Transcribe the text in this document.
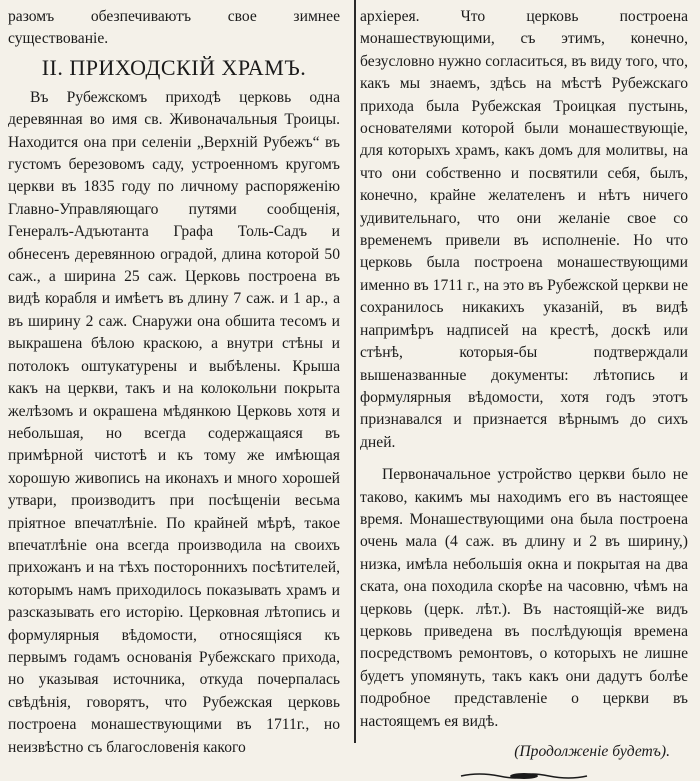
разомъ обезпечиваютъ свое зимнее существованіе.

II. ПРИХОДСКІЙ ХРАМЪ.

Въ Рубежскомъ приходѣ церковь одна деревянная во имя св. Живоначальныя Троицы. Находится она при селеніи „Верхній Рубежъ“ въ густомъ березовомъ саду, устроенномъ кругомъ церкви въ 1835 году по личному распоряженію Главно-Управляющаго путями сообщенія, Генералъ-Адъютанта Графа Толь-Садъ и обнесенъ деревянною оградой, длина которой 50 саж., а ширина 25 саж. Церковь построена въ видѣ корабля и имѣетъ въ длину 7 саж. и 1 ар., а въ ширину 2 саж. Снаружи она обшита тесомъ и выкрашена бѣлою краскою, а внутри стѣны и потолокъ оштукатурены и выбѣлены. Крыша какъ на церкви, такъ и на колокольни покрыта желѣзомъ и окрашена мѣдянкою Церковь хотя и небольшая, но всегда содержащаяся въ примѣрной чистотѣ и къ тому же имѣющая хорошую живопись на иконахъ и много хорошей утвари, производитъ при посѣщеніи весьма пріятное впечатлѣніе. По крайней мѣрѣ, такое впечатлѣніе она всегда производила на своихъ прихожанъ и на тѣхъ постороннихъ посѣтителей, которымъ намъ приходилось показывать храмъ и разсказывать его исторію. Церковная лѣтопись и формулярныя вѣдомости, относящіяся къ первымъ годамъ основанія Рубежскаго прихода, но указывая источника, откуда почерпалась свѣдѣнія, говорятъ, что Рубежская церковь построена монашествующими въ 1711г., но неизвѣстно съ благословенія какого

архіерея. Что церковь построена монашествующими, съ этимъ, конечно, безусловно нужно согласиться, въ виду того, что, какъ мы знаемъ, здѣсь на мѣстѣ Рубежскаго прихода была Рубежская Троицкая пустынь, основателями которой были монашествующіе, для которыхъ храмъ, какъ домъ для молитвы, на что они собственно и посвятили себя, былъ, конечно, крайне желателенъ и нѣтъ ничего удивительнаго, что они желаніе свое со временемъ привели въ исполненіе. Но что церковь была построена монашествующими именно въ 1711 г., на это въ Рубежской церкви не сохранилось никакихъ указаній, въ видѣ напримѣръ надписей на крестѣ, доскѣ или стѣнѣ, которыя-бы подтверждали вышеназванные документы: лѣтопись и формулярныя вѣдомости, хотя годъ этотъ признавался и признается вѣрнымъ до сихъ дней.

Первоначальное устройство церкви было не таково, какимъ мы находимъ его въ настоящее время. Монашествующими она была построена очень мала (4 саж. въ длину и 2 въ ширину,) низка, имѣла небольшія окна и покрытая на два ската, она походила скорѣе на часовню, чѣмъ на церковь (церк. лѣт.). Въ настоящій-же видъ церковь приведена въ послѣдующія времена посредствомъ ремонтовъ, о которыхъ не лишне будетъ упомянуть, такъ какъ они дадутъ болѣе подробное представленіе о церкви въ настоящемъ ея видѣ.

(Продолженіе будетъ).
